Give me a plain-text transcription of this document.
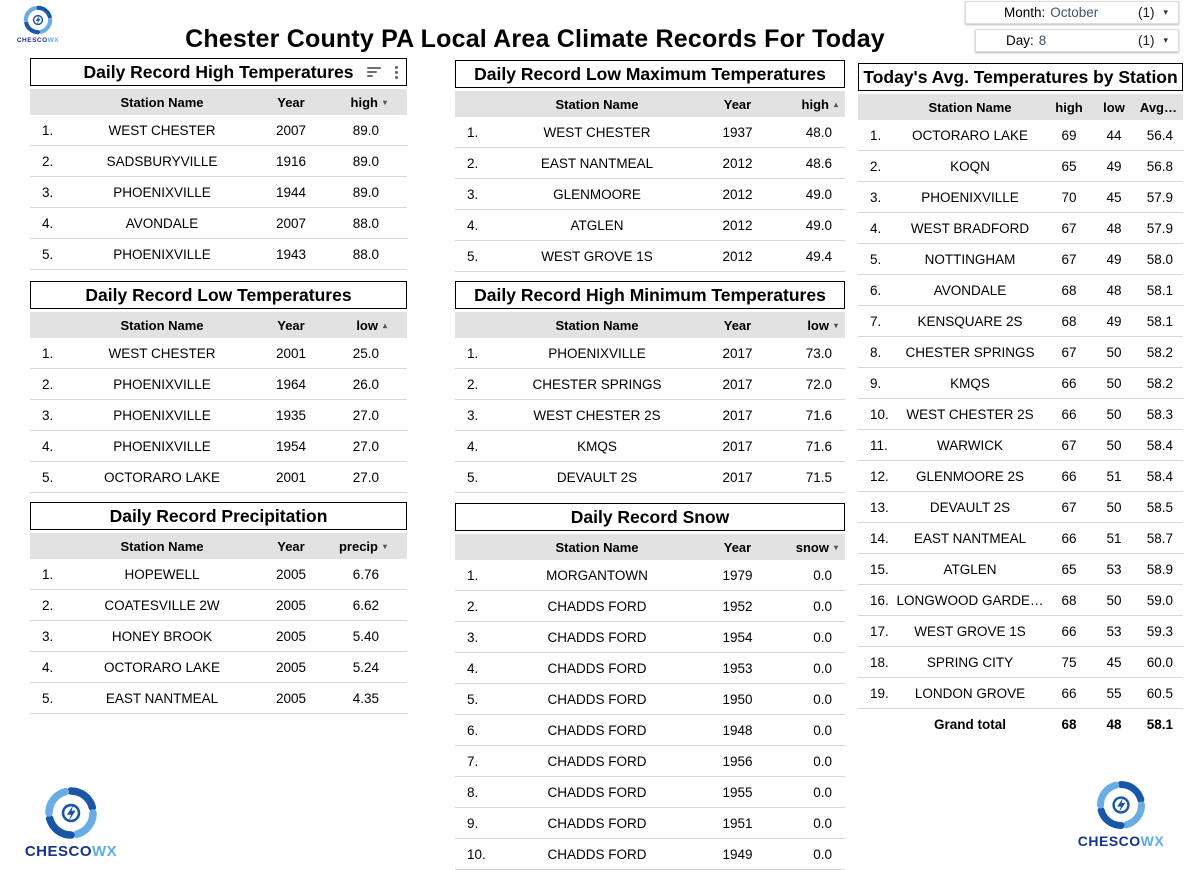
CHESCOWX	Chester County PA Local Area Climate Records For Today
Month: October	(1) ▾
Day: 8	(1) ▾
Daily Record High Temperatures
	Station Name	Year	high ▾
1.	WEST CHESTER	2007	89.0
2.	SADSBURYVILLE	1916	89.0
3.	PHOENIXVILLE	1944	89.0
4.	AVONDALE	2007	88.0
5.	PHOENIXVILLE	1943	88.0
Daily Record Low Temperatures
	Station Name	Year	low ▴
1.	WEST CHESTER	2001	25.0
2.	PHOENIXVILLE	1964	26.0
3.	PHOENIXVILLE	1935	27.0
4.	PHOENIXVILLE	1954	27.0
5.	OCTORARO LAKE	2001	27.0
Daily Record Precipitation
	Station Name	Year	precip ▾
1.	HOPEWELL	2005	6.76
2.	COATESVILLE 2W	2005	6.62
3.	HONEY BROOK	2005	5.40
4.	OCTORARO LAKE	2005	5.24
5.	EAST NANTMEAL	2005	4.35
Daily Record Low Maximum Temperatures
	Station Name	Year	high ▴
1.	WEST CHESTER	1937	48.0
2.	EAST NANTMEAL	2012	48.6
3.	GLENMOORE	2012	49.0
4.	ATGLEN	2012	49.0
5.	WEST GROVE 1S	2012	49.4
Daily Record High Minimum Temperatures
	Station Name	Year	low ▾
1.	PHOENIXVILLE	2017	73.0
2.	CHESTER SPRINGS	2017	72.0
3.	WEST CHESTER 2S	2017	71.6
4.	KMQS	2017	71.6
5.	DEVAULT 2S	2017	71.5
Daily Record Snow
	Station Name	Year	snow ▾
1.	MORGANTOWN	1979	0.0
2.	CHADDS FORD	1952	0.0
3.	CHADDS FORD	1954	0.0
4.	CHADDS FORD	1953	0.0
5.	CHADDS FORD	1950	0.0
6.	CHADDS FORD	1948	0.0
7.	CHADDS FORD	1956	0.0
8.	CHADDS FORD	1955	0.0
9.	CHADDS FORD	1951	0.0
10.	CHADDS FORD	1949	0.0
Today's Avg. Temperatures by Station
	Station Name	high	low	Avg…
1.	OCTORARO LAKE	69	44	56.4
2.	KOQN	65	49	56.8
3.	PHOENIXVILLE	70	45	57.9
4.	WEST BRADFORD	67	48	57.9
5.	NOTTINGHAM	67	49	58.0
6.	AVONDALE	68	48	58.1
7.	KENSQUARE 2S	68	49	58.1
8.	CHESTER SPRINGS	67	50	58.2
9.	KMQS	66	50	58.2
10.	WEST CHESTER 2S	66	50	58.3
11.	WARWICK	67	50	58.4
12.	GLENMOORE 2S	66	51	58.4
13.	DEVAULT 2S	67	50	58.5
14.	EAST NANTMEAL	66	51	58.7
15.	ATGLEN	65	53	58.9
16.	LONGWOOD GARDE…	68	50	59.0
17.	WEST GROVE 1S	66	53	59.3
18.	SPRING CITY	75	45	60.0
19.	LONDON GROVE	66	55	60.5
	Grand total	68	48	58.1
CHESCOWX
CHESCOWX
